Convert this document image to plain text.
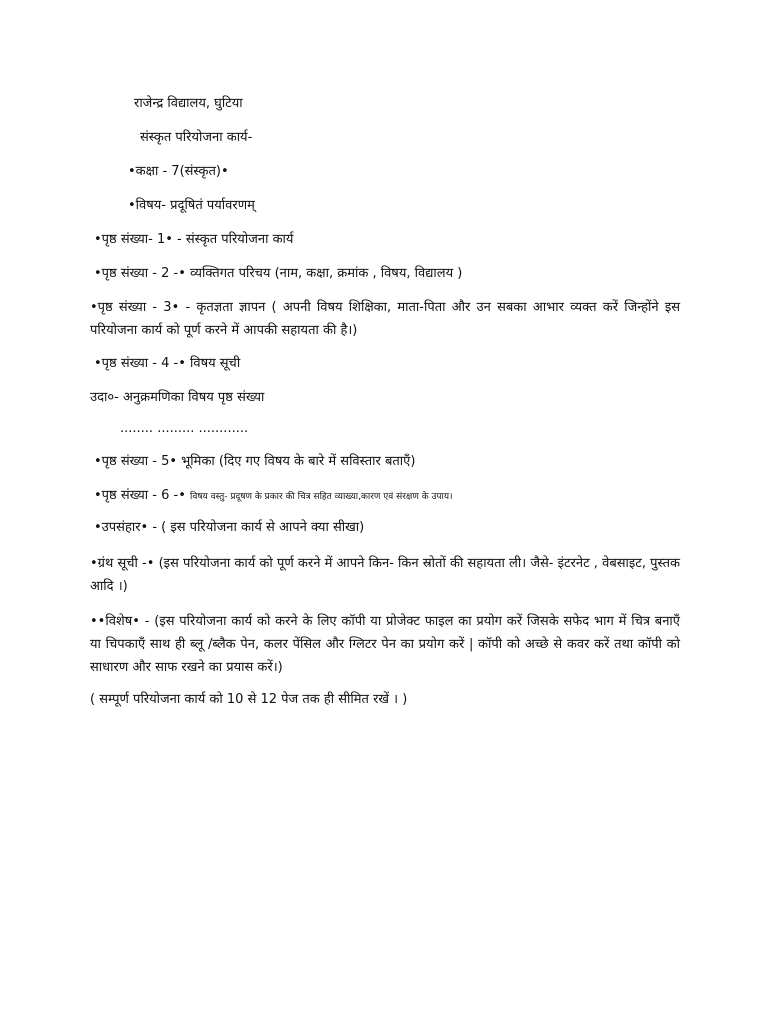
राजेन्द्र विद्यालय, घुटिया
संस्कृत परियोजना कार्य-
•कक्षा - 7(संस्कृत)•
•विषय- प्रदूषितं पर्यावरणम्
•पृष्ठ संख्या- 1• - संस्कृत परियोजना कार्य
•पृष्ठ संख्या - 2 -• व्यक्तिगत परिचय (नाम, कक्षा, क्रमांक , विषय, विद्यालय )
•पृष्ठ संख्या - 3• - कृतज्ञता ज्ञापन ( अपनी विषय शिक्षिका, माता-पिता और उन सबका आभार व्यक्त करें जिन्होंने इस परियोजना कार्य को पूर्ण करने में आपकी सहायता की है।)
•पृष्ठ संख्या - 4 -• विषय सूची
उदा०- अनुक्रमणिका विषय पृष्ठ संख्या
........ ......... ............
•पृष्ठ संख्या - 5• भूमिका (दिए गए विषय के बारे में सविस्तार बताएँ)
•पृष्ठ संख्या - 6 -• विषय वस्तु- प्रदूषण के प्रकार की चित्र सहित व्याख्या,कारण एवं संरक्षण के उपाय।
•उपसंहार• - ( इस परियोजना कार्य से आपने क्या सीखा)
•ग्रंथ सूची -• (इस परियोजना कार्य को पूर्ण करने में आपने किन- किन स्रोतों की सहायता ली। जैसे- इंटरनेट , वेबसाइट, पुस्तक आदि ।)
••विशेष• - (इस परियोजना कार्य को करने के लिए कॉपी या प्रोजेक्ट फाइल का प्रयोग करें जिसके सफेद भाग में चित्र बनाएँ या चिपकाएँ साथ ही ब्लू /ब्लैक पेन, कलर पेंसिल और ग्लिटर पेन का प्रयोग करें | कॉपी को अच्छे से कवर करें तथा कॉपी को साधारण और साफ रखने का प्रयास करें।)
( सम्पूर्ण परियोजना कार्य को 10 से 12 पेज तक ही सीमित रखें । )
